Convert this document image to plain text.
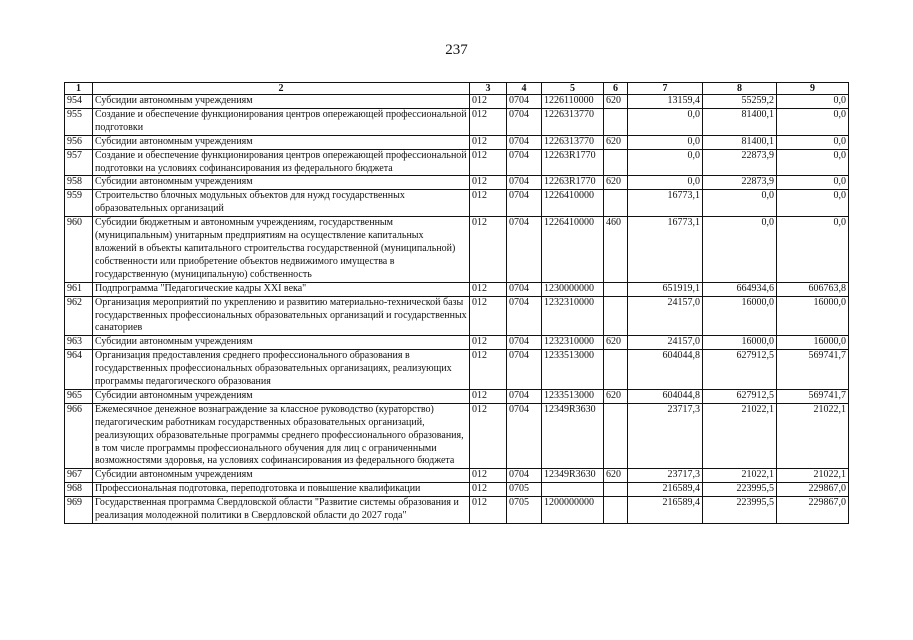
237
1	2	3	4	5	6	7	8	9
954	Субсидии автономным учреждениям	012	0704	1226110000	620	13159,4	55259,2	0,0
955	Создание и обеспечение функционирования центров опережающей профессиональной подготовки	012	0704	1226313770		0,0	81400,1	0,0
956	Субсидии автономным учреждениям	012	0704	1226313770	620	0,0	81400,1	0,0
957	Создание и обеспечение функционирования центров опережающей профессиональной подготовки на условиях софинансирования из федерального бюджета	012	0704	12263R1770		0,0	22873,9	0,0
958	Субсидии автономным учреждениям	012	0704	12263R1770	620	0,0	22873,9	0,0
959	Строительство блочных модульных объектов для нужд государственных образовательных организаций	012	0704	1226410000		16773,1	0,0	0,0
960	Субсидии бюджетным и автономным учреждениям, государственным (муниципальным) унитарным предприятиям на осуществление капитальных вложений в объекты капитального строительства государственной (муниципальной) собственности или приобретение объектов недвижимого имущества в государственную (муниципальную) собственность	012	0704	1226410000	460	16773,1	0,0	0,0
961	Подпрограмма "Педагогические кадры XXI века"	012	0704	1230000000		651919,1	664934,6	606763,8
962	Организация мероприятий по укреплению и развитию материально-технической базы государственных профессиональных образовательных организаций и государственных санаториев	012	0704	1232310000		24157,0	16000,0	16000,0
963	Субсидии автономным учреждениям	012	0704	1232310000	620	24157,0	16000,0	16000,0
964	Организация предоставления среднего профессионального образования в государственных профессиональных образовательных организациях, реализующих программы педагогического образования	012	0704	1233513000		604044,8	627912,5	569741,7
965	Субсидии автономным учреждениям	012	0704	1233513000	620	604044,8	627912,5	569741,7
966	Ежемесячное денежное вознаграждение за классное руководство (кураторство) педагогическим работникам государственных образовательных организаций, реализующих образовательные программы среднего профессионального образования, в том числе программы профессионального обучения для лиц с ограниченными возможностями здоровья, на условиях софинансирования из федерального бюджета	012	0704	12349R3630		23717,3	21022,1	21022,1
967	Субсидии автономным учреждениям	012	0704	12349R3630	620	23717,3	21022,1	21022,1
968	Профессиональная подготовка, переподготовка и повышение квалификации	012	0705			216589,4	223995,5	229867,0
969	Государственная программа Свердловской области "Развитие системы образования и реализация молодежной политики в Свердловской области до 2027 года"	012	0705	1200000000		216589,4	223995,5	229867,0
